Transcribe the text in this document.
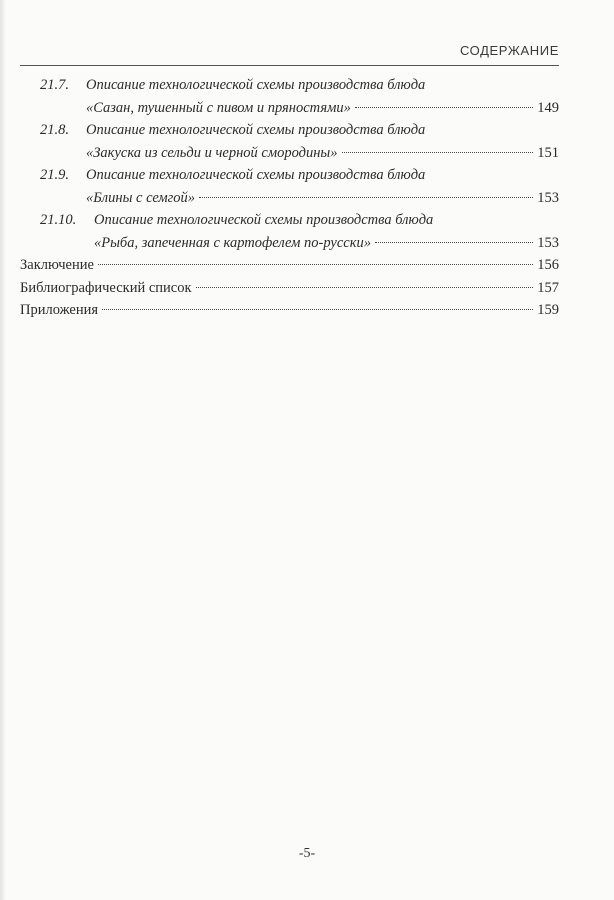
СОДЕРЖАНИЕ
21.7.	Описание технологической схемы производства блюда
«Сазан, тушенный с пивом и пряностями»	149
21.8.	Описание технологической схемы производства блюда
«Закуска из сельди и черной смородины»	151
21.9.	Описание технологической схемы производства блюда
«Блины с семгой»	153
21.10.	Описание технологической схемы производства блюда
«Рыба, запеченная с картофелем по-русски»	153
Заключение	156
Библиографический список	157
Приложения	159
-5-
